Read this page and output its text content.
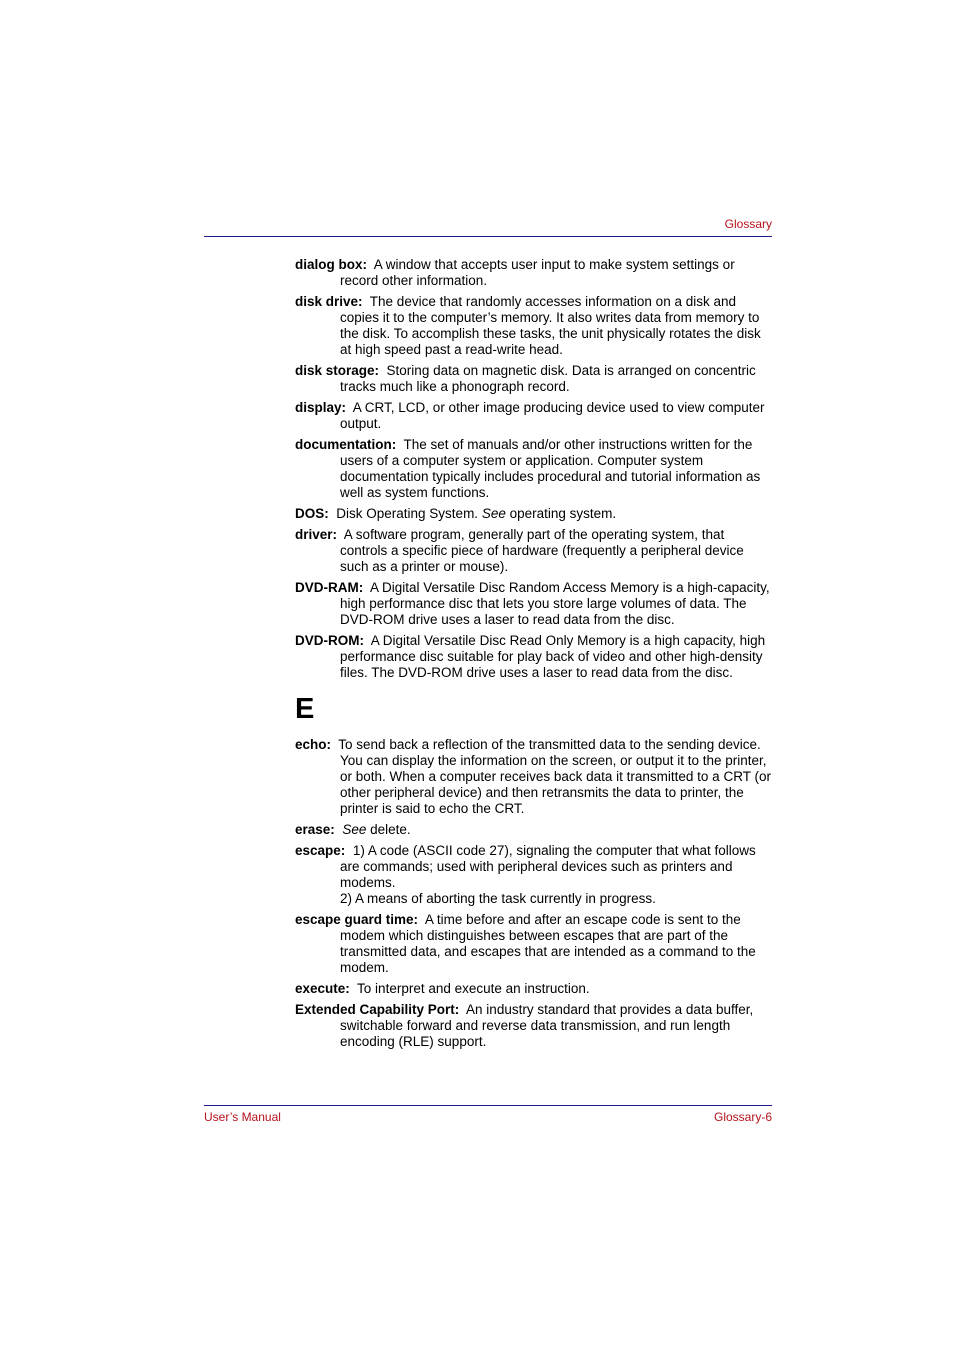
Glossary

dialog box: A window that accepts user input to make system settings or record other information.

disk drive: The device that randomly accesses information on a disk and copies it to the computer’s memory. It also writes data from memory to the disk. To accomplish these tasks, the unit physically rotates the disk at high speed past a read-write head.

disk storage: Storing data on magnetic disk. Data is arranged on concentric tracks much like a phonograph record.

display: A CRT, LCD, or other image producing device used to view computer output.

documentation: The set of manuals and/or other instructions written for the users of a computer system or application. Computer system documentation typically includes procedural and tutorial information as well as system functions.

DOS: Disk Operating System. See operating system.

driver: A software program, generally part of the operating system, that controls a specific piece of hardware (frequently a peripheral device such as a printer or mouse).

DVD-RAM: A Digital Versatile Disc Random Access Memory is a high-capacity, high performance disc that lets you store large volumes of data. The DVD-ROM drive uses a laser to read data from the disc.

DVD-ROM: A Digital Versatile Disc Read Only Memory is a high capacity, high performance disc suitable for play back of video and other high-density files. The DVD-ROM drive uses a laser to read data from the disc.

E

echo: To send back a reflection of the transmitted data to the sending device. You can display the information on the screen, or output it to the printer, or both. When a computer receives back data it transmitted to a CRT (or other peripheral device) and then retransmits the data to printer, the printer is said to echo the CRT.

erase: See delete.

escape: 1) A code (ASCII code 27), signaling the computer that what follows are commands; used with peripheral devices such as printers and modems.
2) A means of aborting the task currently in progress.

escape guard time: A time before and after an escape code is sent to the modem which distinguishes between escapes that are part of the transmitted data, and escapes that are intended as a command to the modem.

execute: To interpret and execute an instruction.

Extended Capability Port: An industry standard that provides a data buffer, switchable forward and reverse data transmission, and run length encoding (RLE) support.

User’s Manual	Glossary-6
